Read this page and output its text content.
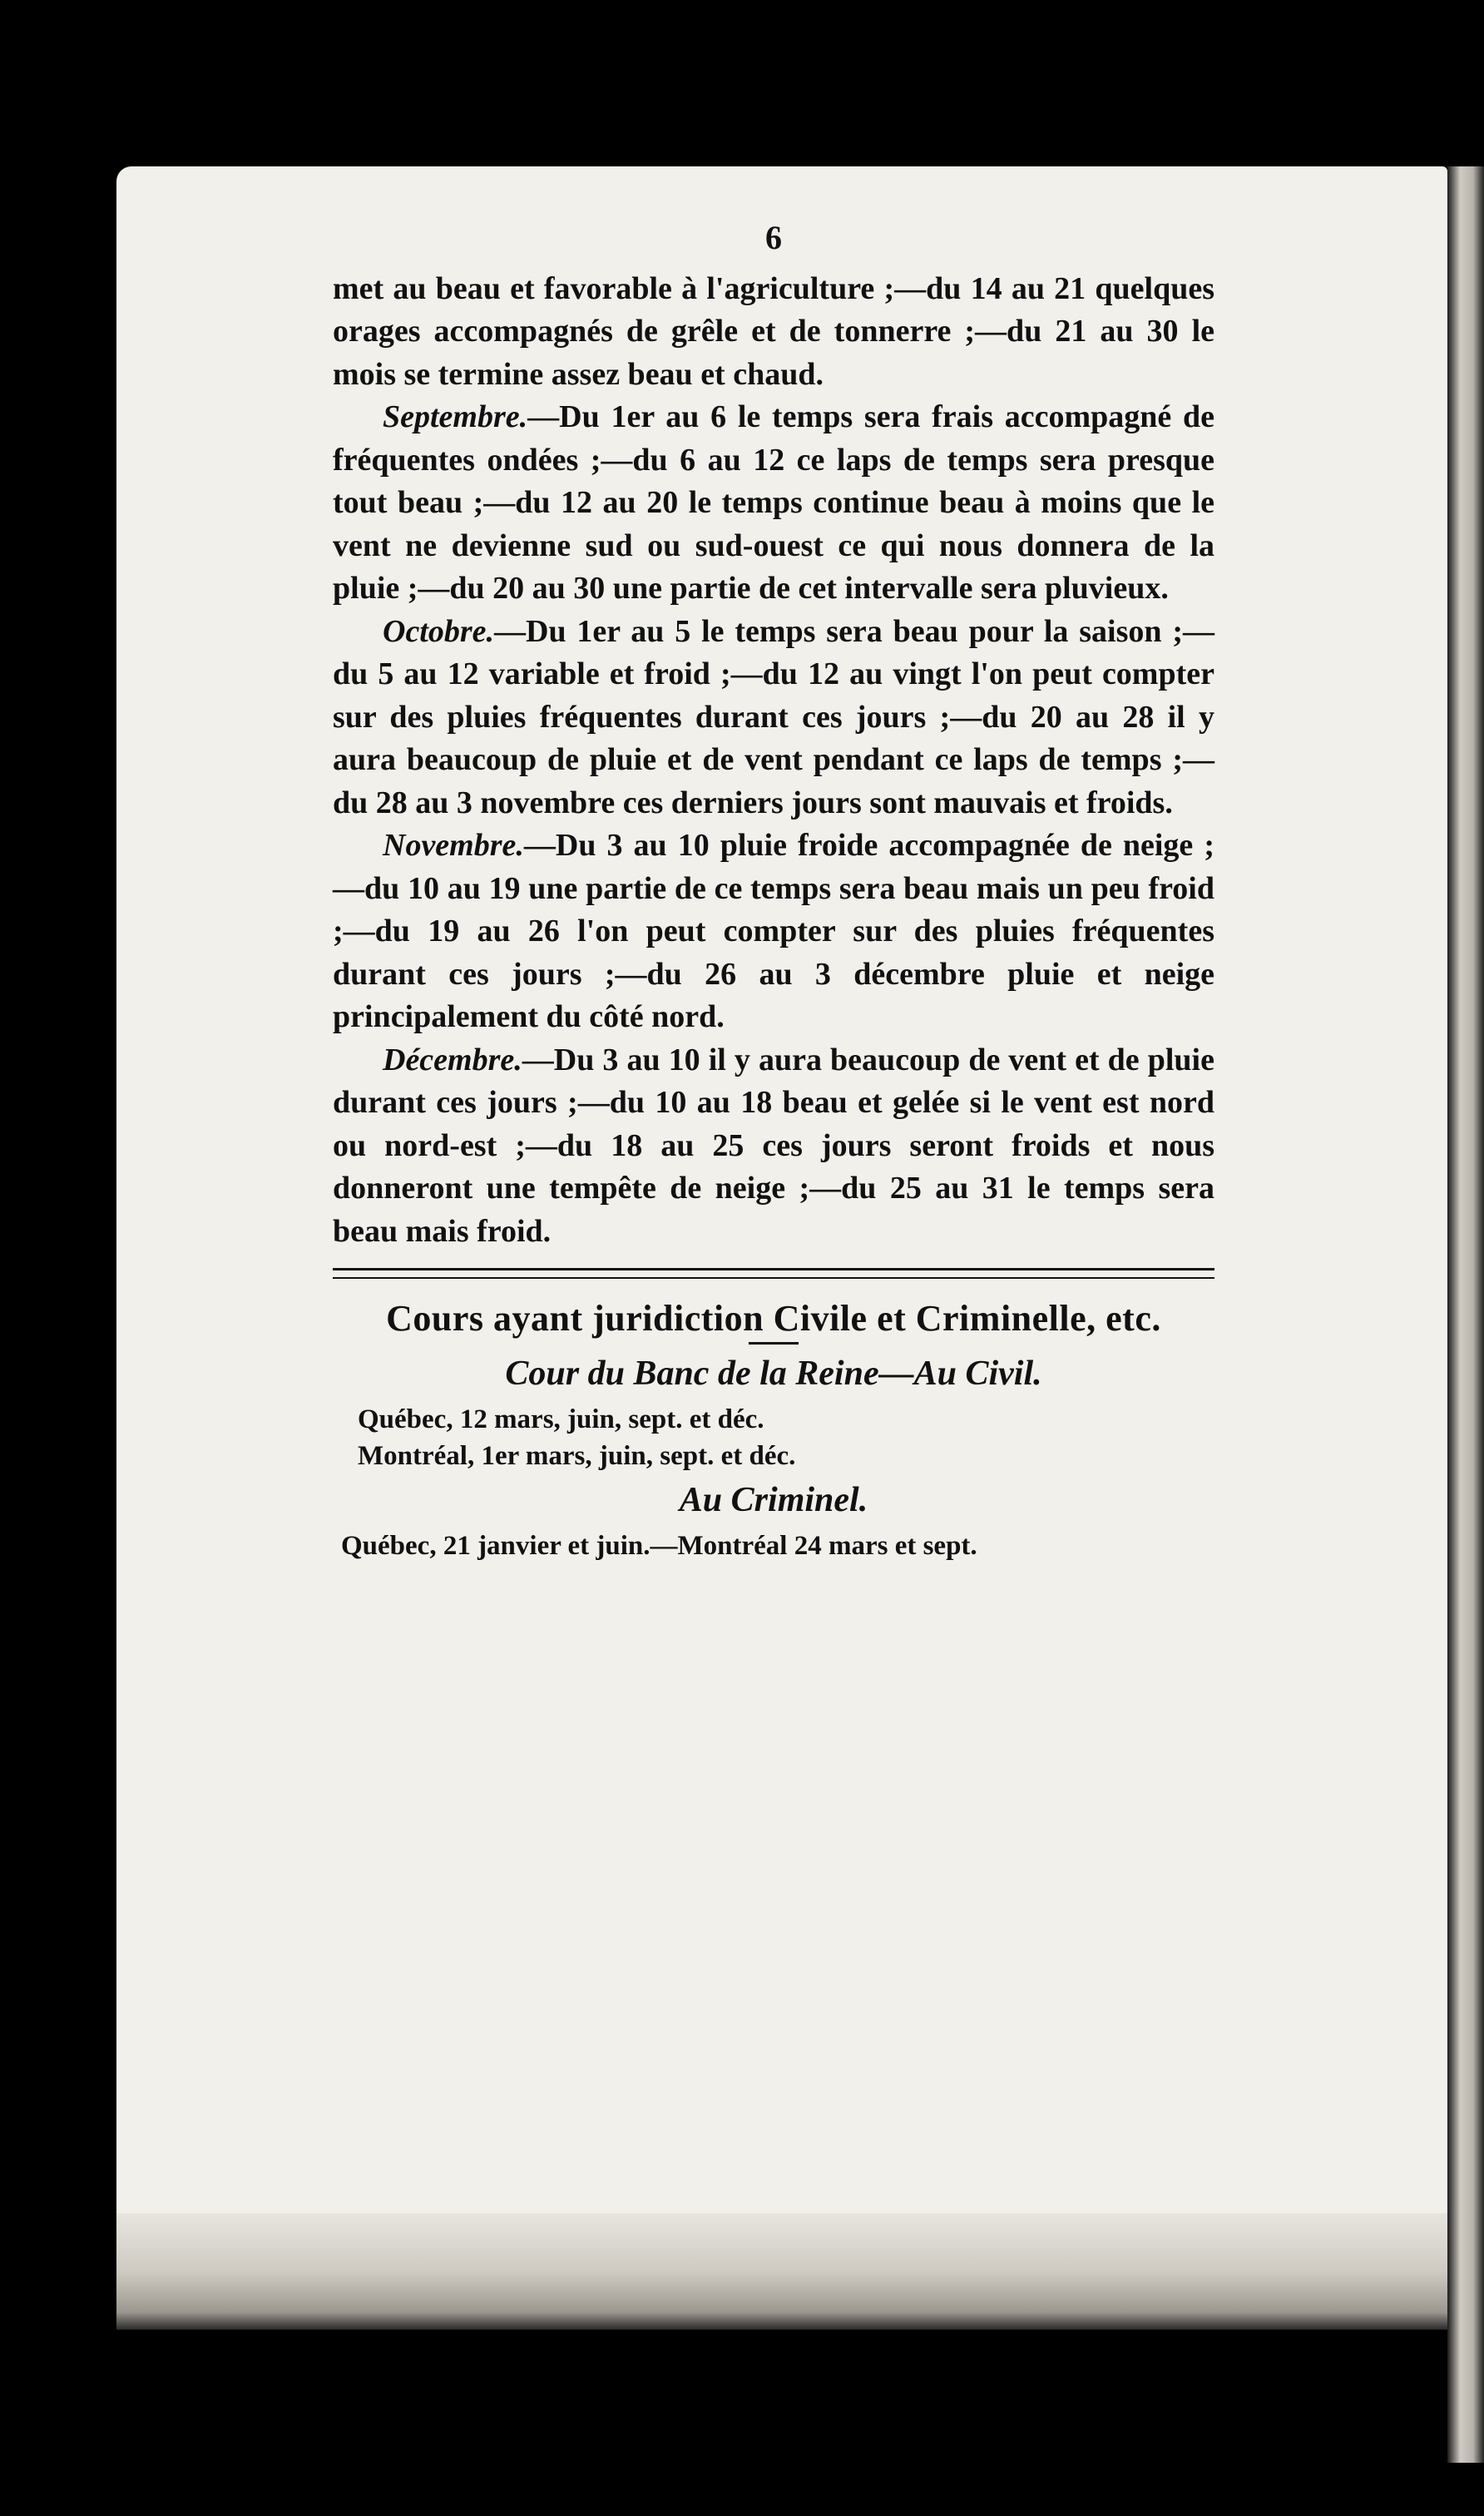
6

met au beau et favorable à l'agriculture ;—du 14 au 21 quelques orages accompagnés de grêle et de tonnerre ;—du 21 au 30 le mois se termine assez beau et chaud.

Septembre.—Du 1er au 6 le temps sera frais accompagné de fréquentes ondées ;—du 6 au 12 ce laps de temps sera presque tout beau ;—du 12 au 20 le temps continue beau à moins que le vent ne devienne sud ou sud-ouest ce qui nous donnera de la pluie ;—du 20 au 30 une partie de cet intervalle sera pluvieux.

Octobre.—Du 1er au 5 le temps sera beau pour la saison ;—du 5 au 12 variable et froid ;—du 12 au vingt l'on peut compter sur des pluies fréquentes durant ces jours ;—du 20 au 28 il y aura beaucoup de pluie et de vent pendant ce laps de temps ;—du 28 au 3 novembre ces derniers jours sont mauvais et froids.

Novembre.—Du 3 au 10 pluie froide accompagnée de neige ;—du 10 au 19 une partie de ce temps sera beau mais un peu froid ;—du 19 au 26 l'on peut compter sur des pluies fréquentes durant ces jours ;—du 26 au 3 décembre pluie et neige principalement du côté nord.

Décembre.—Du 3 au 10 il y aura beaucoup de vent et de pluie durant ces jours ;—du 10 au 18 beau et gelée si le vent est nord ou nord-est ;—du 18 au 25 ces jours seront froids et nous donneront une tempête de neige ;—du 25 au 31 le temps sera beau mais froid.

Cours ayant juridiction Civile et Criminelle, etc.

Cour du Banc de la Reine—Au Civil.

Québec, 12 mars, juin, sept. et déc.

Montréal, 1er mars, juin, sept. et déc.

Au Criminel.

Québec, 21 janvier et juin.—Montréal 24 mars et sept.
